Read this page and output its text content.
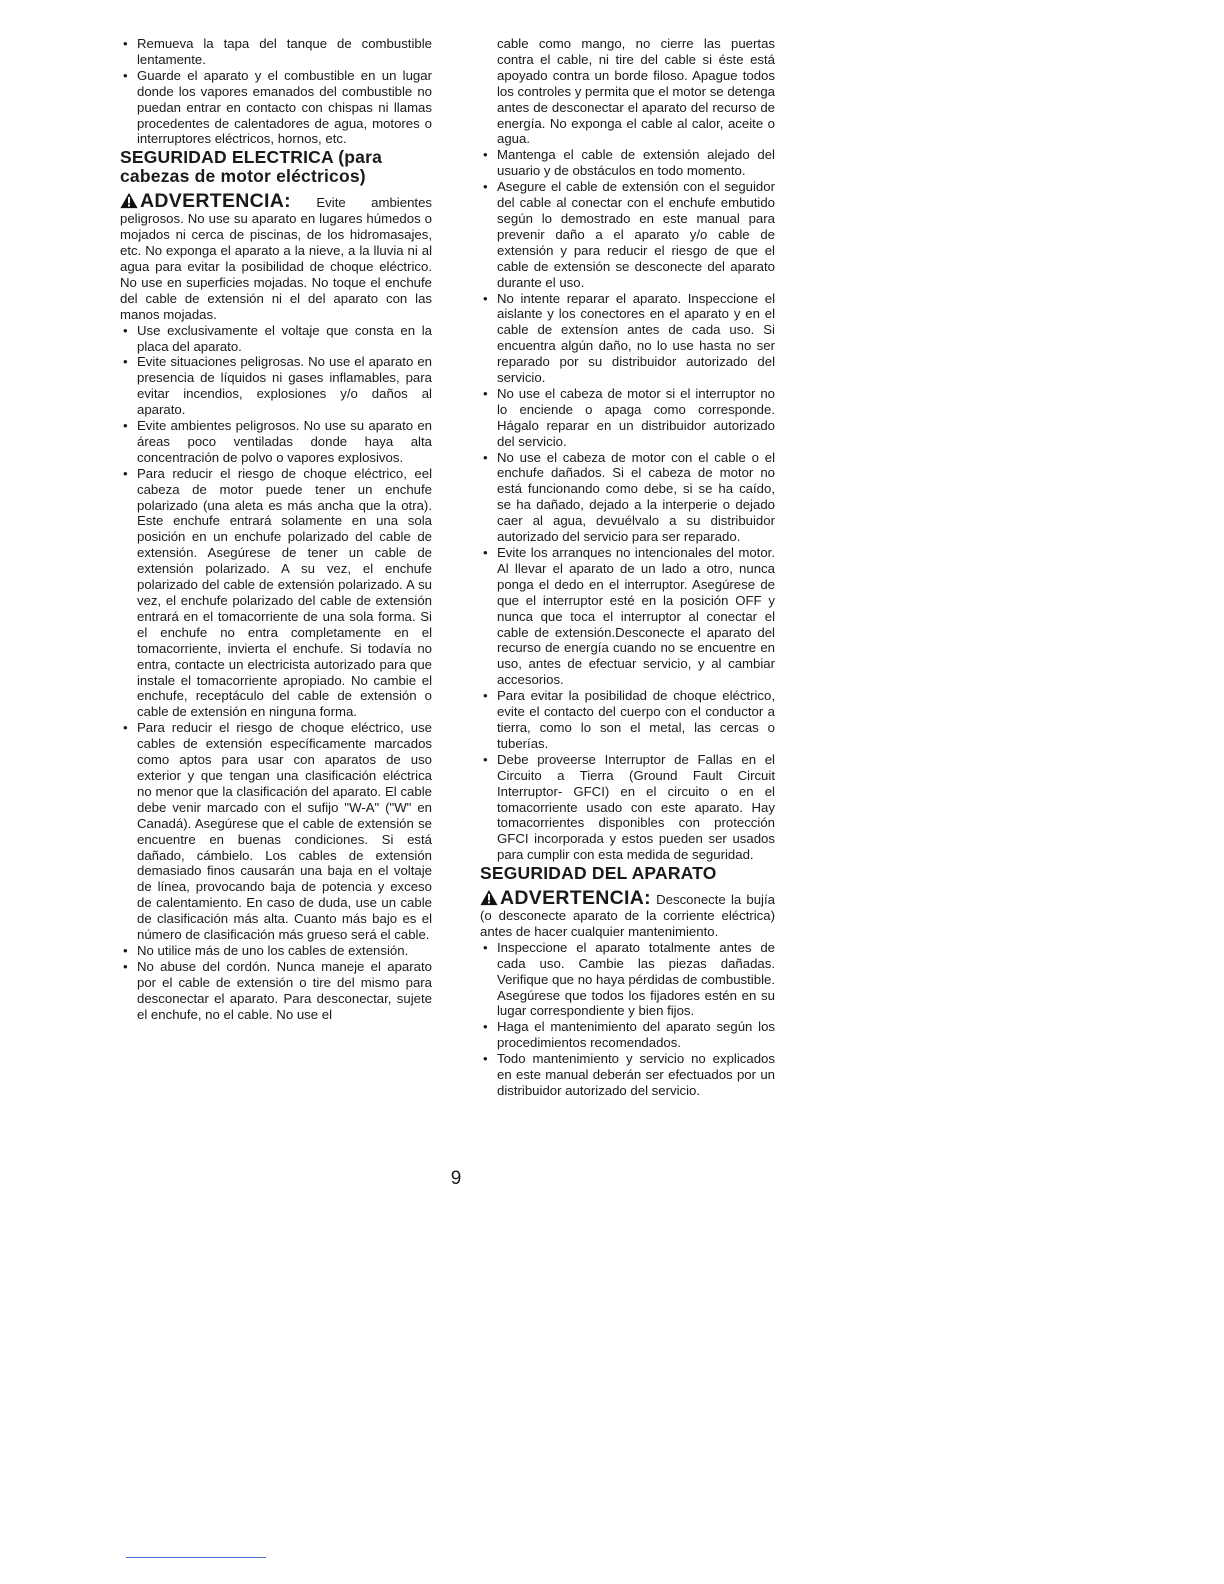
• Remueva la tapa del tanque de combustible lentamente.
• Guarde el aparato y el combustible en un lugar donde los vapores emanados del combustible no puedan entrar en contacto con chispas ni llamas procedentes de calentadores de agua, motores o interruptores eléctricos, hornos, etc.
SEGURIDAD ELECTRICA (para cabezas de motor eléctricos)

ADVERTENCIA: Evite ambientes peligrosos. No use su aparato en lugares húmedos o mojados ni cerca de piscinas, de los hidromasajes, etc. No exponga el aparato a la nieve, a la lluvia ni al agua para evitar la posibilidad de choque eléctrico. No use en superficies mojadas. No toque el enchufe del cable de extensión ni el del aparato con las manos mojadas.

• Use exclusivamente el voltaje que consta en la placa del aparato.
• Evite situaciones peligrosas. No use el aparato en presencia de líquidos ni gases inflamables, para evitar incendios, explosiones y/o daños al aparato.
• Evite ambientes peligrosos. No use su aparato en áreas poco ventiladas donde haya alta concentración de polvo o vapores explosivos.
• Para reducir el riesgo de choque eléctrico, eel cabeza de motor puede tener un enchufe polarizado (una aleta es más ancha que la otra). Este enchufe entrará solamente en una sola posición en un enchufe polarizado del cable de extensión. Asegúrese de tener un cable de extensión polarizado. A su vez, el enchufe polarizado del cable de extensión polarizado. A su vez, el enchufe polarizado del cable de extensión entrará en el tomacorriente de una sola forma. Si el enchufe no entra completamente en el tomacorriente, invierta el enchufe. Si todavía no entra, contacte un electricista autorizado para que instale el tomacorriente apropiado. No cambie el enchufe, receptáculo del cable de extensión o cable de extensión en ninguna forma.
• Para reducir el riesgo de choque eléctrico, use cables de extensión específicamente marcados como aptos para usar con aparatos de uso exterior y que tengan una clasificación eléctrica no menor que la clasificación del aparato. El cable debe venir marcado con el sufijo "W-A" ("W" en Canadá). Asegúrese que el cable de extensión se encuentre en buenas condiciones. Si está dañado, cámbielo. Los cables de extensión demasiado finos causarán una baja en el voltaje de línea, provocando baja de potencia y exceso de calentamiento. En caso de duda, use un cable de clasificación más alta. Cuanto más bajo es el número de clasificación más grueso será el cable.
• No utilice más de uno los cables de extensión.
• No abuse del cordón. Nunca maneje el aparato por el cable de extensión o tire del mismo para desconectar el aparato. Para desconectar, sujete el enchufe, no el cable. No use el

cable como mango, no cierre las puertas contra el cable, ni tire del cable si éste está apoyado contra un borde filoso. Apague todos los controles y permita que el motor se detenga antes de desconectar el aparato del recurso de energía. No exponga el cable al calor, aceite o agua.

• Mantenga el cable de extensión alejado del usuario y de obstáculos en todo momento.
• Asegure el cable de extensión con el seguidor del cable al conectar con el enchufe embutido según lo demostrado en este manual para prevenir daño a el aparato y/o cable de extensión y para reducir el riesgo de que el cable de extensión se desconecte del aparato durante el uso.
• No intente reparar el aparato. Inspeccione el aislante y los conectores en el aparato y en el cable de extensíon antes de cada uso. Si encuentra algún daño, no lo use hasta no ser reparado por su distribuidor autorizado del servicio.
• No use el cabeza de motor si el interruptor no lo enciende o apaga como corresponde. Hágalo reparar en un distribuidor autorizado del servicio.
• No use el cabeza de motor con el cable o el enchufe dañados. Si el cabeza de motor no está funcionando como debe, si se ha caído, se ha dañado, dejado a la interperie o dejado caer al agua, devuélvalo a su distribuidor autorizado del servicio para ser reparado.
• Evite los arranques no intencionales del motor. Al llevar el aparato de un lado a otro, nunca ponga el dedo en el interruptor. Asegúrese de que el interruptor esté en la posición OFF y nunca que toca el interruptor al conectar el cable de extensión.Desconecte el aparato del recurso de energía cuando no se encuentre en uso, antes de efectuar servicio, y al cambiar accesorios.
• Para evitar la posibilidad de choque eléctrico, evite el contacto del cuerpo con el conductor a tierra, como lo son el metal, las cercas o tuberías.
• Debe proveerse Interruptor de Fallas en el Circuito a Tierra (Ground Fault Circuit Interruptor- GFCI) en el circuito o en el tomacorriente usado con este aparato. Hay tomacorrientes disponibles con protección GFCI incorporada y estos pueden ser usados para cumplir con esta medida de seguridad.
SEGURIDAD DEL APARATO

ADVERTENCIA: Desconecte la bujía (o desconecte aparato de la corriente eléctrica) antes de hacer cualquier mantenimiento.

• Inspeccione el aparato totalmente antes de cada uso. Cambie las piezas dañadas. Verifique que no haya pérdidas de combustible. Asegúrese que todos los fijadores estén en su lugar correspondiente y bien fijos.
• Haga el mantenimiento del aparato según los procedimientos recomendados.
• Todo mantenimiento y servicio no explicados en este manual deberán ser efectuados por un distribuidor autorizado del servicio.
9
